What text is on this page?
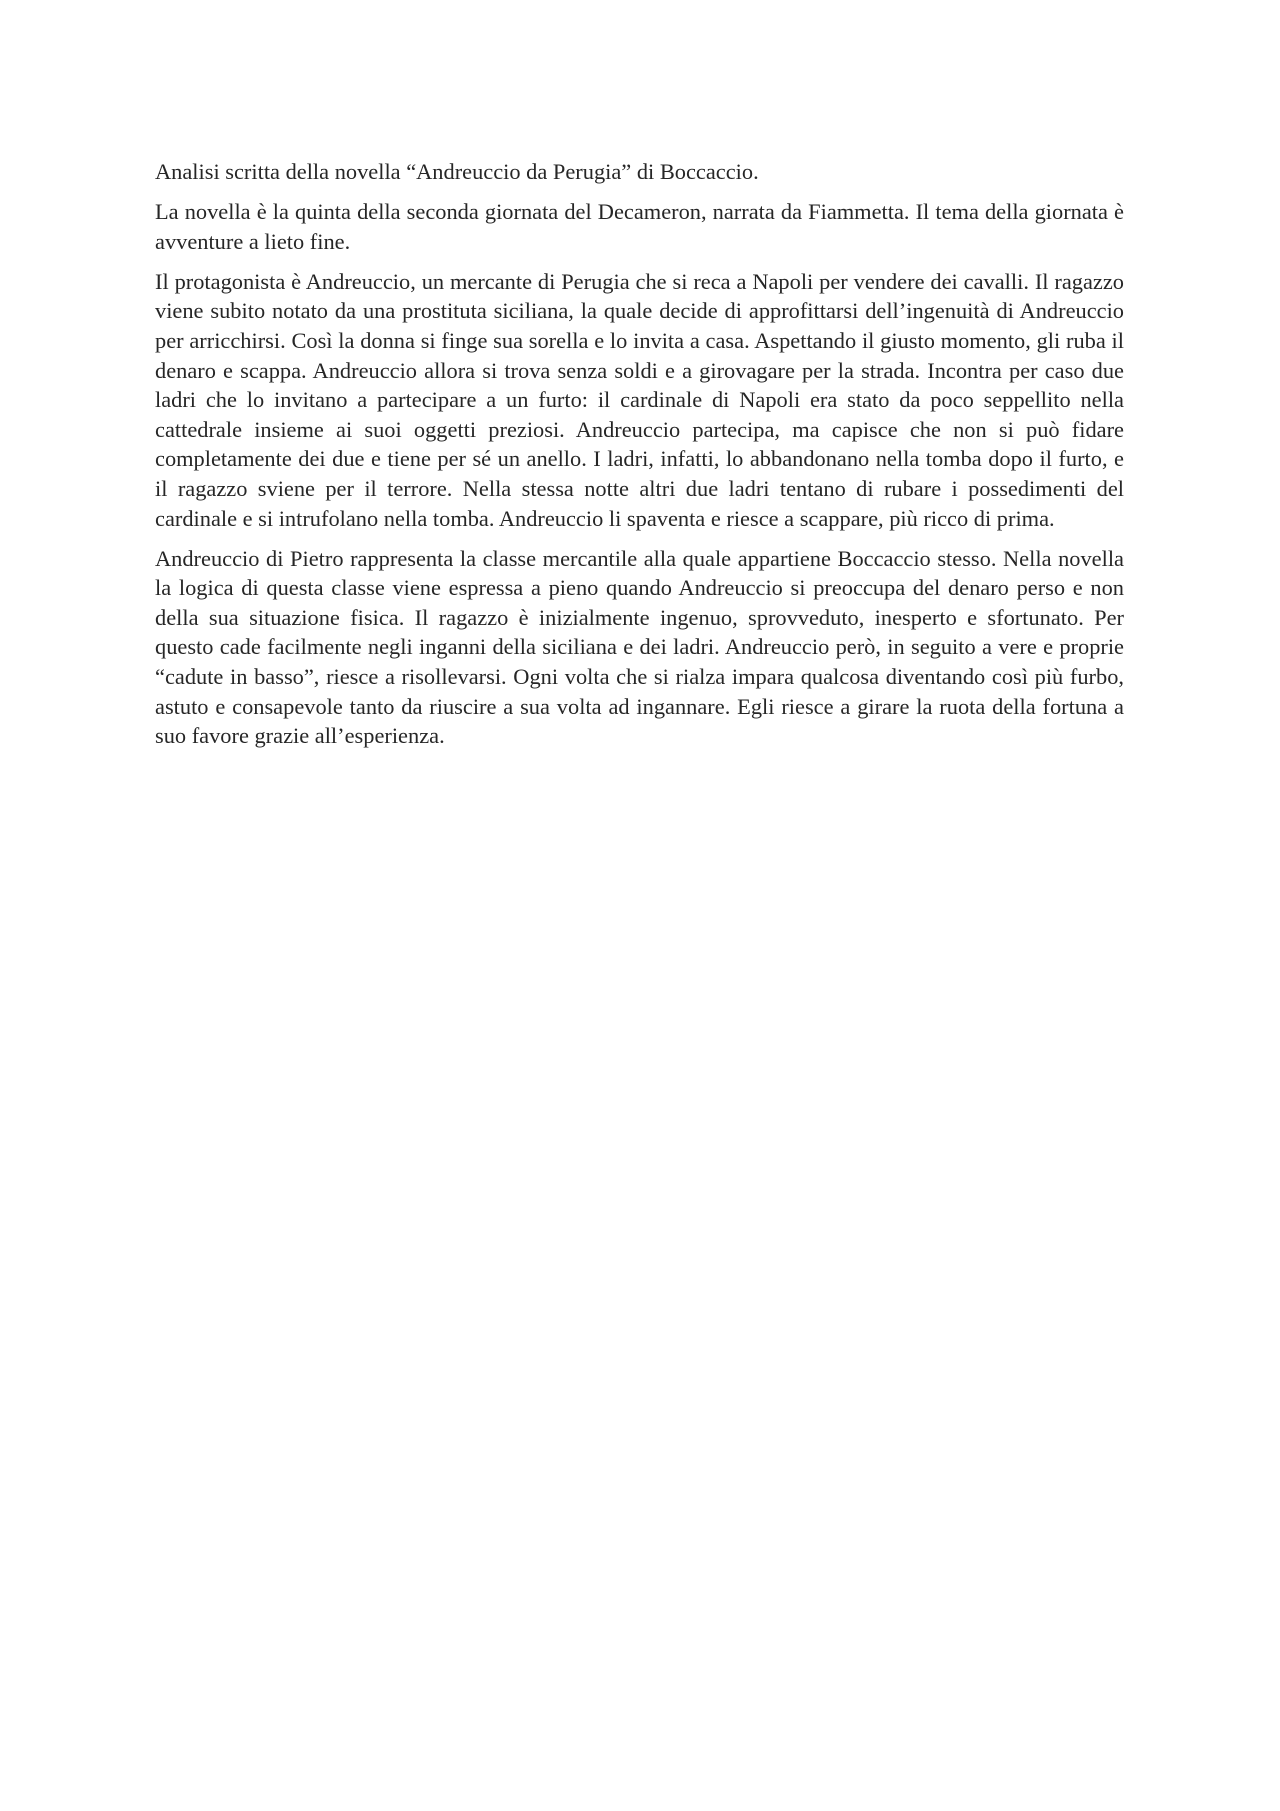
Analisi scritta della novella “Andreuccio da Perugia” di Boccaccio.

La novella è la quinta della seconda giornata del Decameron, narrata da Fiammetta. Il tema della giornata è avventure a lieto fine.

Il protagonista è Andreuccio, un mercante di Perugia che si reca a Napoli per vendere dei cavalli. Il ragazzo viene subito notato da una prostituta siciliana, la quale decide di approfittarsi dell’ingenuità di Andreuccio per arricchirsi. Così la donna si finge sua sorella e lo invita a casa. Aspettando il giusto momento, gli ruba il denaro e scappa. Andreuccio allora si trova senza soldi e a girovagare per la strada. Incontra per caso due ladri che lo invitano a partecipare a un furto: il cardinale di Napoli era stato da poco seppellito nella cattedrale insieme ai suoi oggetti preziosi. Andreuccio partecipa, ma capisce che non si può fidare completamente dei due e tiene per sé un anello. I ladri, infatti, lo abbandonano nella tomba dopo il furto, e il ragazzo sviene per il terrore. Nella stessa notte altri due ladri tentano di rubare i possedimenti del cardinale e si intrufolano nella tomba. Andreuccio li spaventa e riesce a scappare, più ricco di prima.

Andreuccio di Pietro rappresenta la classe mercantile alla quale appartiene Boccaccio stesso. Nella novella la logica di questa classe viene espressa a pieno quando Andreuccio si preoccupa del denaro perso e non della sua situazione fisica. Il ragazzo è inizialmente ingenuo, sprovveduto, inesperto e sfortunato. Per questo cade facilmente negli inganni della siciliana e dei ladri. Andreuccio però, in seguito a vere e proprie “cadute in basso”, riesce a risollevarsi. Ogni volta che si rialza impara qualcosa diventando così più furbo, astuto e consapevole tanto da riuscire a sua volta ad ingannare. Egli riesce a girare la ruota della fortuna a suo favore grazie all’esperienza.
